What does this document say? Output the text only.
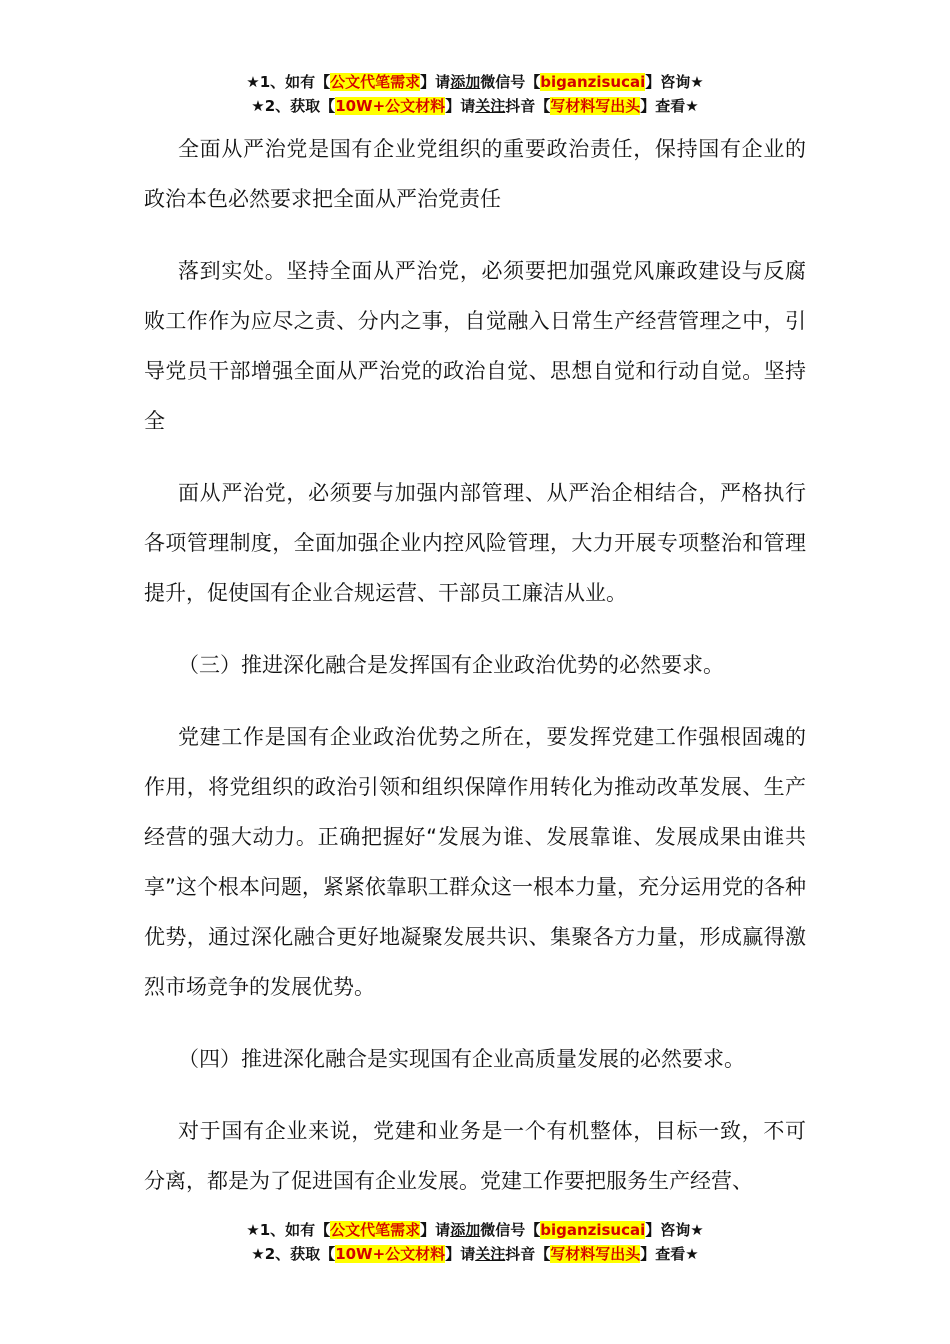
★1、如有【公文代笔需求】请添加微信号【biganzisucai】咨询★
★2、获取【10W+公文材料】请关注抖音【写材料写出头】查看★

全面从严治党是国有企业党组织的重要政治责任，保持国有企业的政治本色必然要求把全面从严治党责任

落到实处。坚持全面从严治党，必须要把加强党风廉政建设与反腐败工作作为应尽之责、分内之事，自觉融入日常生产经营管理之中，引导党员干部增强全面从严治党的政治自觉、思想自觉和行动自觉。坚持全

面从严治党，必须要与加强内部管理、从严治企相结合，严格执行各项管理制度，全面加强企业内控风险管理，大力开展专项整治和管理提升，促使国有企业合规运营、干部员工廉洁从业。

（三）推进深化融合是发挥国有企业政治优势的必然要求。

党建工作是国有企业政治优势之所在，要发挥党建工作强根固魂的作用，将党组织的政治引领和组织保障作用转化为推动改革发展、生产经营的强大动力。正确把握好“发展为谁、发展靠谁、发展成果由谁共享”这个根本问题，紧紧依靠职工群众这一根本力量，充分运用党的各种优势，通过深化融合更好地凝聚发展共识、集聚各方力量，形成赢得激烈市场竞争的发展优势。

（四）推进深化融合是实现国有企业高质量发展的必然要求。

对于国有企业来说，党建和业务是一个有机整体，目标一致，不可分离，都是为了促进国有企业发展。党建工作要把服务生产经营、

★1、如有【公文代笔需求】请添加微信号【biganzisucai】咨询★
★2、获取【10W+公文材料】请关注抖音【写材料写出头】查看★
